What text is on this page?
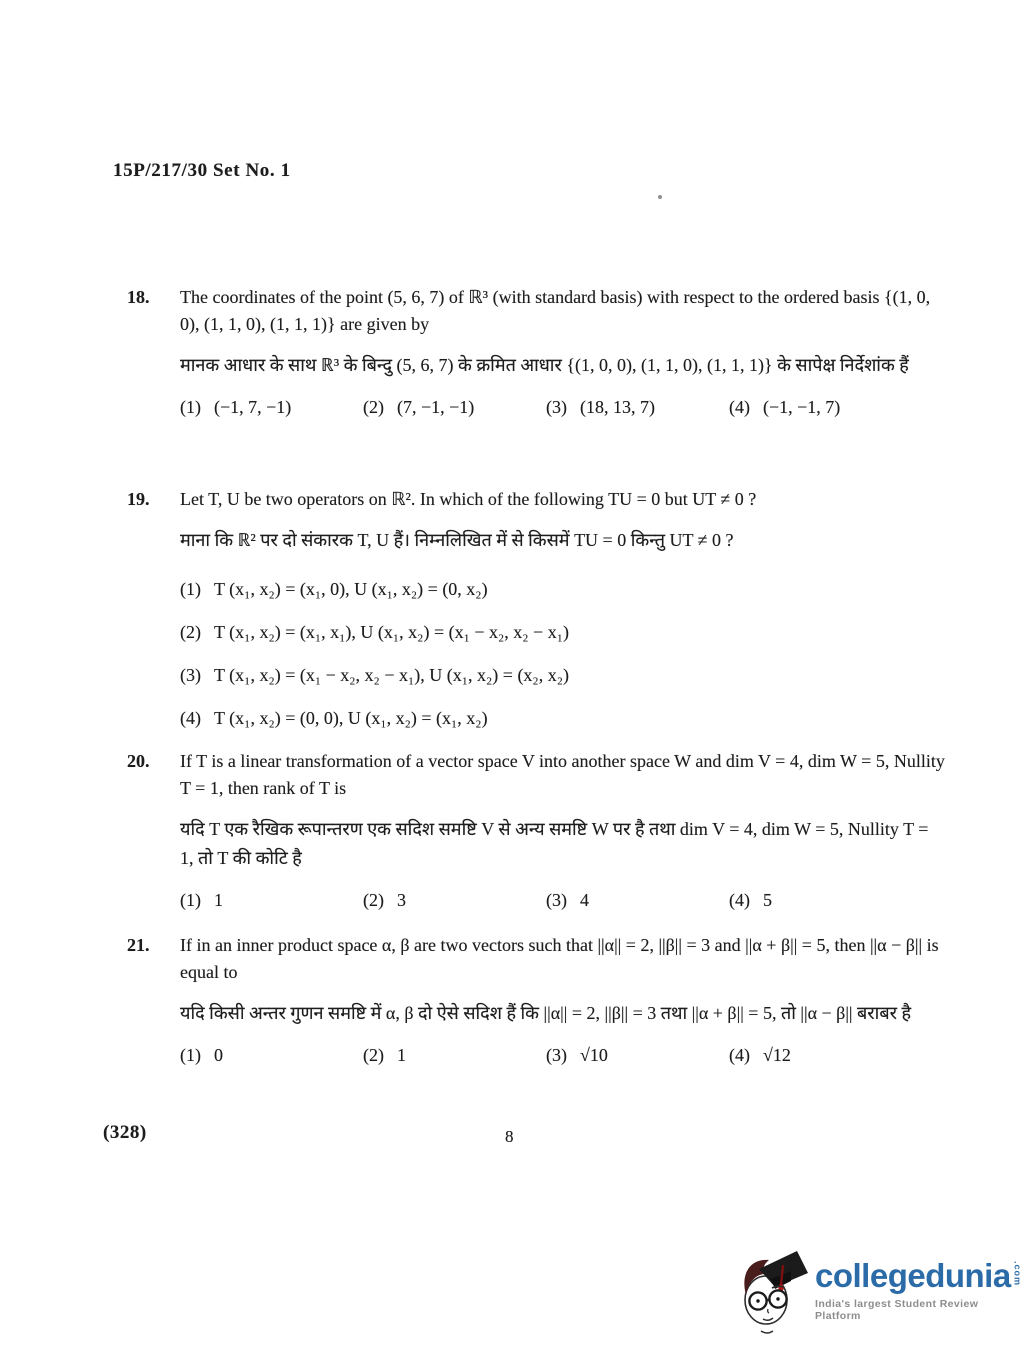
15P/217/30 Set No. 1
18.	The coordinates of the point (5, 6, 7) of ℝ³ (with standard basis) with respect to the ordered basis {(1, 0, 0), (1, 1, 0), (1, 1, 1)} are given by

मानक आधार के साथ ℝ³ के बिन्दु (5, 6, 7) के क्रमित आधार {(1, 0, 0), (1, 1, 0), (1, 1, 1)} के सापेक्ष निर्देशांक हैं

(1) (−1, 7, −1)	(2) (7, −1, −1)	(3) (18, 13, 7)	(4) (−1, −1, 7)
19.	Let T, U be two operators on ℝ². In which of the following TU = 0 but UT ≠ 0 ?

माना कि ℝ² पर दो संकारक T, U हैं। निम्नलिखित में से किसमें TU = 0 किन्तु UT ≠ 0 ?

(1) T (x₁, x₂) = (x₁, 0), U (x₁, x₂) = (0, x₂)
(2) T (x₁, x₂) = (x₁, x₁), U (x₁, x₂) = (x₁ − x₂, x₂ − x₁)
(3) T (x₁, x₂) = (x₁ − x₂, x₂ − x₁), U (x₁, x₂) = (x₂, x₂)
(4) T (x₁, x₂) = (0, 0), U (x₁, x₂) = (x₁, x₂)
20.	If T is a linear transformation of a vector space V into another space W and dim V = 4, dim W = 5, Nullity T = 1, then rank of T is

यदि T एक रैखिक रूपान्तरण एक सदिश समष्टि V से अन्य समष्टि W पर है तथा dim V = 4, dim W = 5, Nullity T = 1, तो T की कोटि है

(1) 1	(2) 3	(3) 4	(4) 5
21.	If in an inner product space α, β are two vectors such that ||α|| = 2, ||β|| = 3 and ||α + β|| = 5, then ||α − β|| is equal to

यदि किसी अन्तर गुणन समष्टि में α, β दो ऐसे सदिश हैं कि ||α|| = 2, ||β|| = 3 तथा ||α + β|| = 5, तो ||α − β|| बराबर है

(1) 0	(2) 1	(3) √10	(4) √12
(328)	8
collegedunia .com
India's largest Student Review Platform
